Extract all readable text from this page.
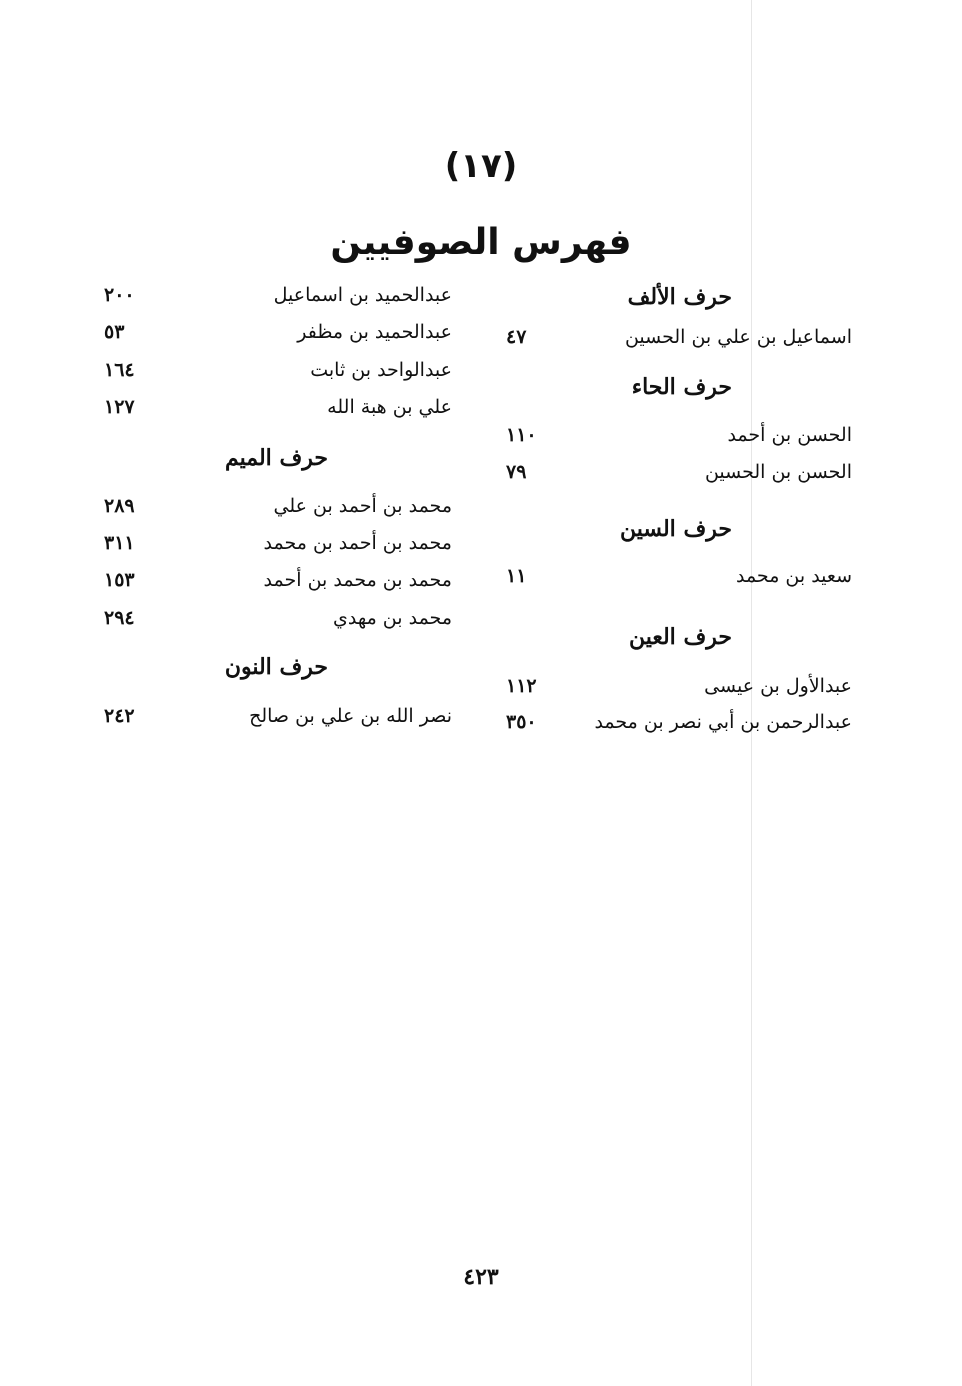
(١٧)
فهرس الصوفيين
حرف الألف
اسماعيل بن علي بن الحسين
٤٧
حرف الحاء
الحسن بن أحمد
١١٠
الحسن بن الحسين
٧٩
حرف السين
سعيد بن محمد
١١
حرف العين
عبدالأول بن عيسى
١١٢
عبدالرحمن بن أبي نصر بن محمد
٣٥٠
عبدالحميد بن اسماعيل
٢٠٠
عبدالحميد بن مظفر
٥٣
عبدالواحد بن ثابت
١٦٤
علي بن هبة الله
١٢٧
حرف الميم
محمد بن أحمد بن علي
٢٨٩
محمد بن أحمد بن محمد
٣١١
محمد بن محمد بن أحمد
١٥٣
محمد بن مهدي
٢٩٤
حرف النون
نصر الله بن علي بن صالح
٢٤٢
٤٢٣
